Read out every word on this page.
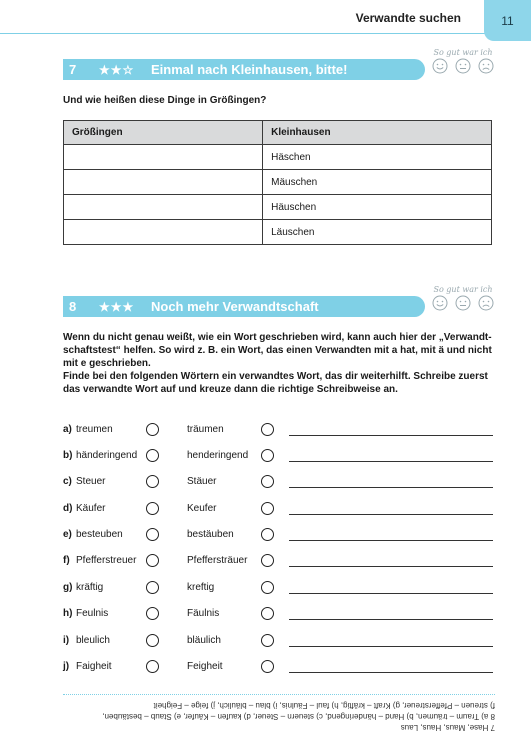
Verwandte suchen	11
7	★★☆	Einmal nach Kleinhausen, bitte!
So gut war ich
Und wie heißen diese Dinge in Größingen?
Größingen	Kleinhausen
	Häschen
	Mäuschen
	Häuschen
	Läuschen
8	★★★	Noch mehr Verwandtschaft
So gut war ich
Wenn du nicht genau weißt, wie ein Wort geschrieben wird, kann auch hier der „Verwandt-schaftstest“ helfen. So wird z. B. ein Wort, das einen Verwandten mit a hat, mit ä und nicht mit e geschrieben.
Finde bei den folgenden Wörtern ein verwandtes Wort, das dir weiterhilft. Schreibe zuerst das verwandte Wort auf und kreuze dann die richtige Schreibweise an.
a) treumen	träumen
b) händeringend	henderingend
c) Steuer	Stäuer
d) Käufer	Keufer
e) besteuben	bestäuben
f) Pfefferstreuer	Pfeffersträuer
g) kräftig	kreftig
h) Feulnis	Fäulnis
i) bleulich	bläulich
j) Faigheit	Feigheit

7 Hase, Maus, Haus, Laus

8 a) Traum – träumen, b) Hand – händeringend, c) steuern – Steuer, d) kaufen – Käufer, e) Staub – bestäuben,

f) streuen – Pfefferstreuer, g) Kraft – kräftig, h) faul – Fäulnis, i) blau – bläulich, j) feige – Feigheit
